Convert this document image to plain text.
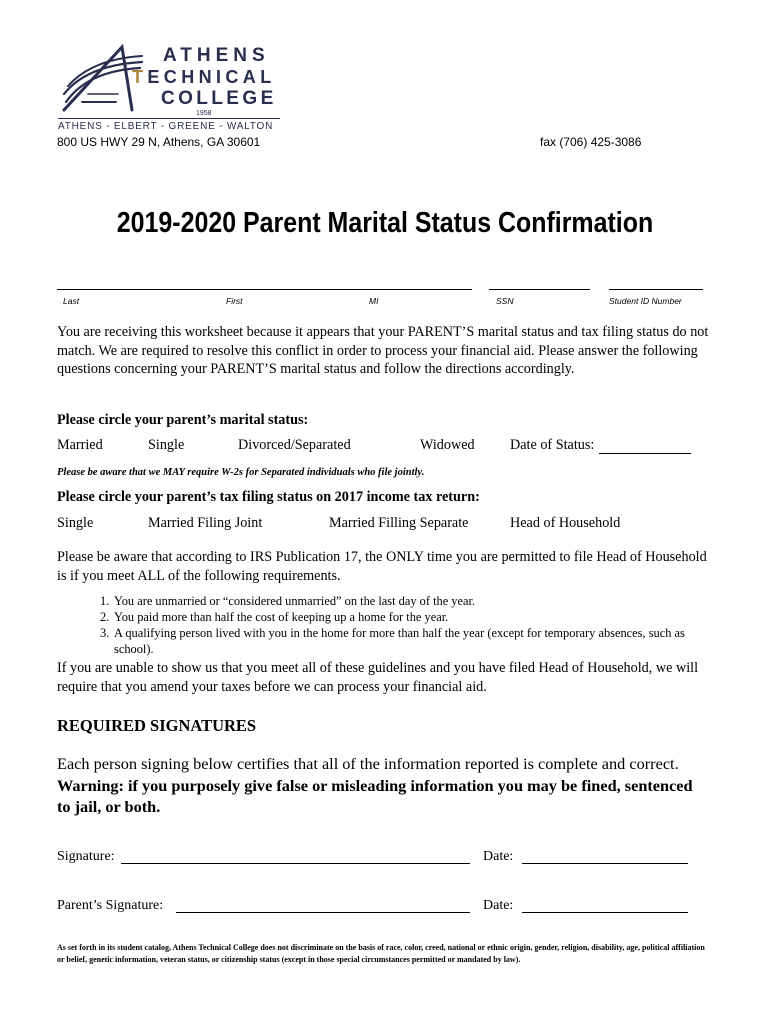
ATHENS
TECHNICAL
COLLEGE
1958
ATHENS - ELBERT - GREENE - WALTON
800 US HWY 29 N, Athens, GA 30601	fax (706) 425-3086
2019-2020 Parent Marital Status Confirmation
Last	First	MI	SSN	Student ID Number
You are receiving this worksheet because it appears that your PARENT’S marital status and tax filing status do not match. We are required to resolve this conflict in order to process your financial aid. Please answer the following questions concerning your PARENT’S marital status and follow the directions accordingly.
Please circle your parent’s marital status:
Married	Single	Divorced/Separated	Widowed Date of Status:
Please be aware that we MAY require W-2s for Separated individuals who file jointly.
Please circle your parent’s tax filing status on 2017 income tax return:
Single	Married Filing Joint	Married Filling Separate	Head of Household
Please be aware that according to IRS Publication 17, the ONLY time you are permitted to file Head of Household is if you meet ALL of the following requirements.
1. You are unmarried or “considered unmarried” on the last day of the year.
2. You paid more than half the cost of keeping up a home for the year.
3. A qualifying person lived with you in the home for more than half the year (except for temporary absences, such as school).
If you are unable to show us that you meet all of these guidelines and you have filed Head of Household, we will require that you amend your taxes before we can process your financial aid.
REQUIRED SIGNATURES
Each person signing below certifies that all of the information reported is complete and correct. Warning: if you purposely give false or misleading information you may be fined, sentenced to jail, or both.
Signature:	Date:
Parent’s Signature:	Date:
As set forth in its student catalog, Athens Technical College does not discriminate on the basis of race, color, creed, national or ethnic origin, gender, religion, disability, age, political affiliation or belief, genetic information, veteran status, or citizenship status (except in those special circumstances permitted or mandated by law).
